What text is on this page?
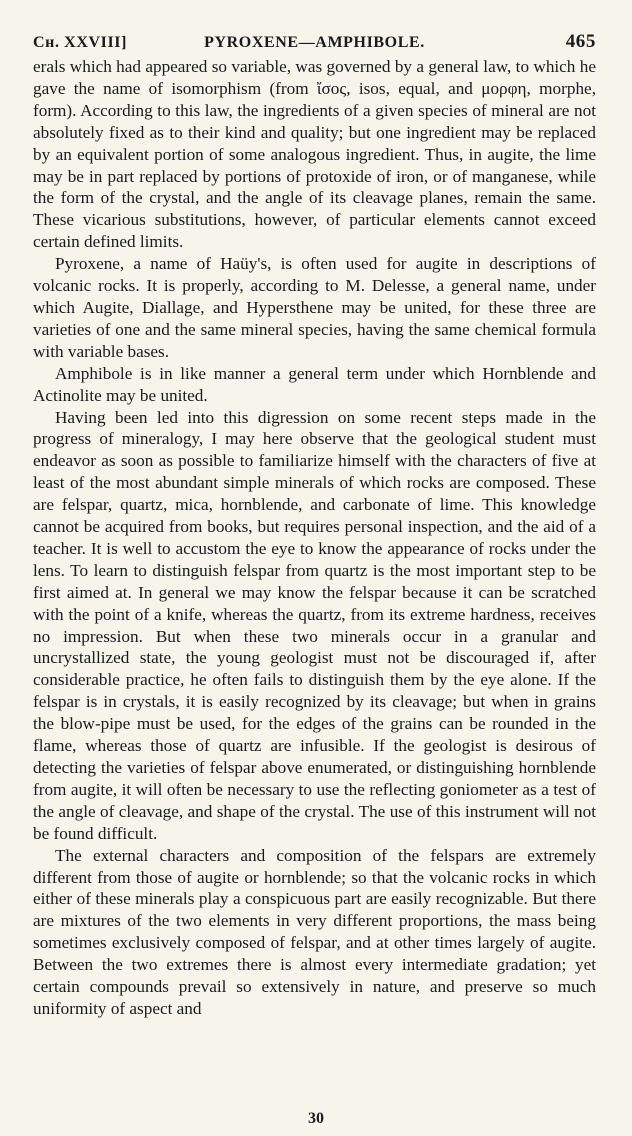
Cʜ. XXVIII]	PYROXENE—AMPHIBOLE.	465

erals which had appeared so variable, was governed by a general law, to which he gave the name of isomorphism (from ἴσος, isos, equal, and μορφη, morphe, form). According to this law, the ingredients of a given species of mineral are not absolutely fixed as to their kind and quality; but one ingredient may be replaced by an equivalent portion of some analogous ingredient. Thus, in augite, the lime may be in part replaced by portions of protoxide of iron, or of manganese, while the form of the crystal, and the angle of its cleavage planes, remain the same. These vicarious substitutions, however, of particular elements cannot exceed certain defined limits.

Pyroxene, a name of Haüy's, is often used for augite in descriptions of volcanic rocks. It is properly, according to M. Delesse, a general name, under which Augite, Diallage, and Hypersthene may be united, for these three are varieties of one and the same mineral species, having the same chemical formula with variable bases.

Amphibole is in like manner a general term under which Hornblende and Actinolite may be united.

Having been led into this digression on some recent steps made in the progress of mineralogy, I may here observe that the geological student must endeavor as soon as possible to familiarize himself with the characters of five at least of the most abundant simple minerals of which rocks are composed. These are felspar, quartz, mica, hornblende, and carbonate of lime. This knowledge cannot be acquired from books, but requires personal inspection, and the aid of a teacher. It is well to accustom the eye to know the appearance of rocks under the lens. To learn to distinguish felspar from quartz is the most important step to be first aimed at. In general we may know the felspar because it can be scratched with the point of a knife, whereas the quartz, from its extreme hardness, receives no impression. But when these two minerals occur in a granular and uncrystallized state, the young geologist must not be discouraged if, after considerable practice, he often fails to distinguish them by the eye alone. If the felspar is in crystals, it is easily recognized by its cleavage; but when in grains the blow-pipe must be used, for the edges of the grains can be rounded in the flame, whereas those of quartz are infusible. If the geologist is desirous of detecting the varieties of felspar above enumerated, or distinguishing hornblende from augite, it will often be necessary to use the reflecting goniometer as a test of the angle of cleavage, and shape of the crystal. The use of this instrument will not be found difficult.

The external characters and composition of the felspars are extremely different from those of augite or hornblende; so that the volcanic rocks in which either of these minerals play a conspicuous part are easily recognizable. But there are mixtures of the two elements in very different proportions, the mass being sometimes exclusively composed of felspar, and at other times largely of augite. Between the two extremes there is almost every intermediate gradation; yet certain compounds prevail so extensively in nature, and preserve so much uniformity of aspect and

30
